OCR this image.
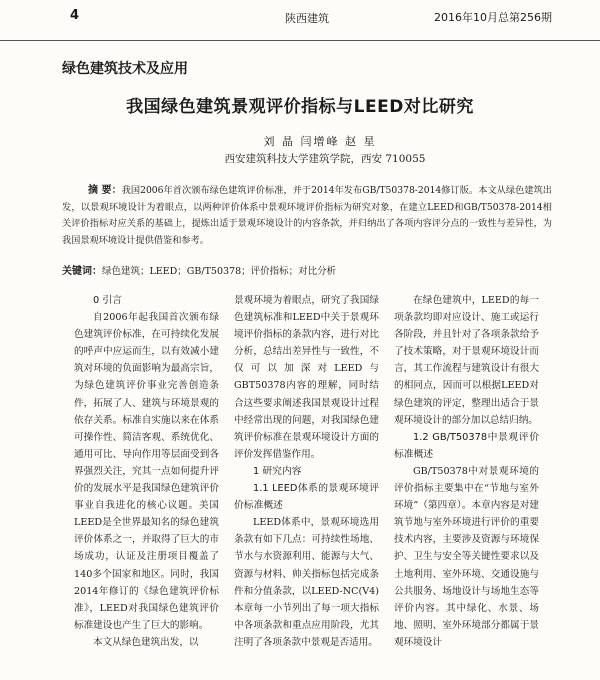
4	陕西建筑	2016年10月总第256期
绿色建筑技术及应用
我国绿色建筑景观评价指标与LEED对比研究
刘 晶 闫增峰 赵 星
西安建筑科技大学建筑学院，西安 710055
摘 要：我国2006年首次颁布绿色建筑评价标准，并于2014年发布GB/T50378-2014修订版。本文从绿色建筑出发，以景观环境设计为着眼点，以两种评价体系中景观环境评价指标为研究对象，在建立LEED和GB/T50378-2014相关评价指标对应关系的基础上，提炼出适于景观环境设计的内容条款，并归纳出了各项内容评分点的一致性与差异性，为我国景观环境设计提供借鉴和参考。
关键词：绿色建筑；LEED；GB/T50378；评价指标；对比分析

0 引言

自2006年起我国首次颁布绿色建筑评价标准，在可持续化发展的呼声中应运而生，以有效减小建筑对环境的负面影响为最高宗旨，为绿色建筑评价事业完善创造条件，拓展了人、建筑与环境景观的依存关系。标准自实施以来在体系可操作性、简洁客观、系统优化、通用可比、导向作用等层面受到各界强烈关注，究其一点如何提升评价的发展水平是我国绿色建筑评价事业自我进化的核心议题。美国LEED是全世界最知名的绿色建筑评价体系之一，并取得了巨大的市场成功，认证及注册项目覆盖了140多个国家和地区。同时，我国2014年修订的《绿色建筑评价标准》，LEED对我国绿色建筑评价标准建设也产生了巨大的影响。

本文从绿色建筑出发，以

景观环境为着眼点，研究了我国绿色建筑标准和LEED中关于景观环境评价指标的条款内容，进行对比分析，总结出差异性与一致性，不仅可以加深对LEED与GBT50378内容的理解，同时结合这些要求阐述我国景观设计过程中经常出现的问题，对我国绿色建筑评价标准在景观环境设计方面的评价发挥借鉴作用。

1 研究内容

1.1 LEED体系的景观环境评价标准概述

LEED体系中，景观环境选用条款有如下几点：可持续性场地、节水与水资源利用、能源与大气、资源与材料、帅关指标包括完成条件和分值条款，以LEED-NC(V4)本章每一小节列出了每一项大指标中各项条款和重点应用阶段，尤其注明了各项条款中景观是否适用。

在绿色建筑中，LEED的每一项条款均即对应设计、施工或运行各阶段，并且针对了各项条款给予了技术策略，对于景观环境设计而言，其工作流程与建筑设计有很大的相同点，因而可以根据LEED对绿色建筑的评定，整理出适合于景观环境设计的部分加以总结归纳。

1.2 GB/T50378中景观评价标准概述

GB/T50378中对景观环境的评价指标主要集中在“节地与室外环境”（第四章）。本章内容是对建筑节地与室外环境进行评价的重要技术内容，主要涉及资源与环境保护、卫生与安全等关键性要求以及土地利用、室外环境、交通设施与公共服务、场地设计与场地生态等评价内容。其中绿化、水景、场地、照明、室外环境部分都属于景观环境设计
